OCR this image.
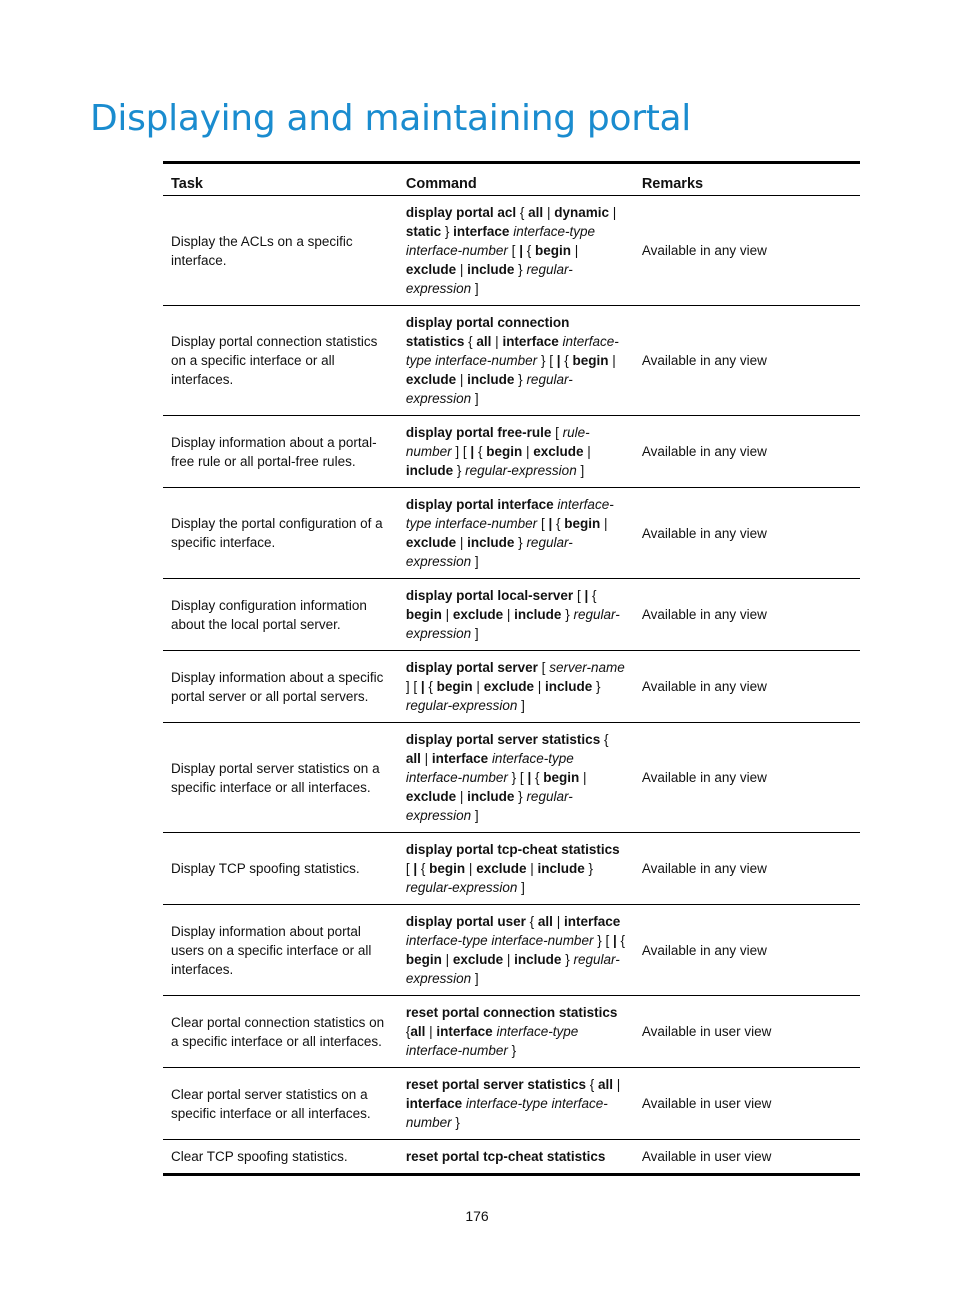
Displaying and maintaining portal
Task	Command	Remarks
Display the ACLs on a specific interface.	display portal acl { all | dynamic | static } interface interface-type interface-number [ | { begin | exclude | include } regular-expression ]	Available in any view
Display portal connection statistics on a specific interface or all interfaces.	display portal connection statistics { all | interface interface-type interface-number } [ | { begin | exclude | include } regular-expression ]	Available in any view
Display information about a portal-free rule or all portal-free rules.	display portal free-rule [ rule-number ] [ | { begin | exclude | include } regular-expression ]	Available in any view
Display the portal configuration of a specific interface.	display portal interface interface-type interface-number [ | { begin | exclude | include } regular-expression ]	Available in any view
Display configuration information about the local portal server.	display portal local-server [ | { begin | exclude | include } regular-expression ]	Available in any view
Display information about a specific portal server or all portal servers.	display portal server [ server-name ] [ | { begin | exclude | include } regular-expression ]	Available in any view
Display portal server statistics on a specific interface or all interfaces.	display portal server statistics { all | interface interface-type interface-number } [ | { begin | exclude | include } regular-expression ]	Available in any view
Display TCP spoofing statistics.	display portal tcp-cheat statistics [ | { begin | exclude | include } regular-expression ]	Available in any view
Display information about portal users on a specific interface or all interfaces.	display portal user { all | interface interface-type interface-number } [ | { begin | exclude | include } regular-expression ]	Available in any view
Clear portal connection statistics on a specific interface or all interfaces.	reset portal connection statistics {all | interface interface-type interface-number }	Available in user view
Clear portal server statistics on a specific interface or all interfaces.	reset portal server statistics { all | interface interface-type interface-number }	Available in user view
Clear TCP spoofing statistics.	reset portal tcp-cheat statistics	Available in user view
176
